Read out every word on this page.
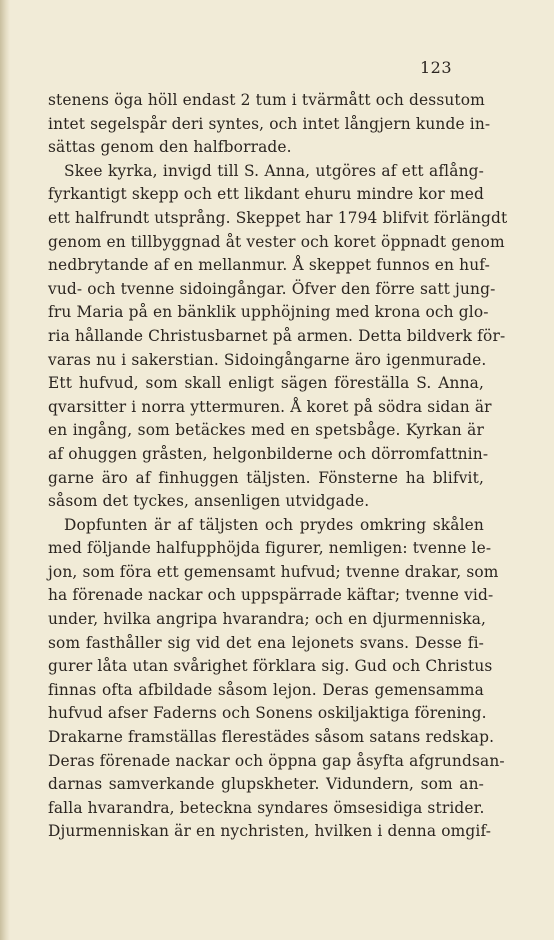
123
stenens öga höll endast 2 tum i tvärmått och dessutom
intet segelspår deri syntes, och intet långjern kunde in-
sättas genom den halfborrade.
Skee kyrka, invigd till S. Anna, utgöres af ett aflång-
fyrkantigt skepp och ett likdant ehuru mindre kor med
ett halfrundt utsprång. Skeppet har 1794 blifvit förlängdt
genom en tillbyggnad åt vester och koret öppnadt genom
nedbrytande af en mellanmur. Å skeppet funnos en huf-
vud- och tvenne sidoingångar. Öfver den förre satt jung-
fru Maria på en bänklik upphöjning med krona och glo-
ria hållande Christusbarnet på armen. Detta bildverk för-
varas nu i sakerstian. Sidoingångarne äro igenmurade.
Ett hufvud, som skall enligt sägen föreställa S. Anna,
qvarsitter i norra yttermuren. Å koret på södra sidan är
en ingång, som betäckes med en spetsbåge. Kyrkan är
af ohuggen gråsten, helgonbilderne och dörromfattnin-
garne äro af finhuggen täljsten. Fönsterne ha blifvit,
såsom det tyckes, ansenligen utvidgade.
Dopfunten är af täljsten och prydes omkring skålen
med följande halfupphöjda figurer, nemligen: tvenne le-
jon, som föra ett gemensamt hufvud; tvenne drakar, som
ha förenade nackar och uppspärrade käftar; tvenne vid-
under, hvilka angripa hvarandra; och en djurmenniska,
som fasthåller sig vid det ena lejonets svans. Desse fi-
gurer låta utan svårighet förklara sig. Gud och Christus
finnas ofta afbildade såsom lejon. Deras gemensamma
hufvud afser Faderns och Sonens oskiljaktiga förening.
Drakarne framställas flerestädes såsom satans redskap.
Deras förenade nackar och öppna gap åsyfta afgrundsan-
darnas samverkande glupskheter. Vidundern, som an-
falla hvarandra, beteckna syndares ömsesidiga strider.
Djurmenniskan är en nychristen, hvilken i denna omgif-
